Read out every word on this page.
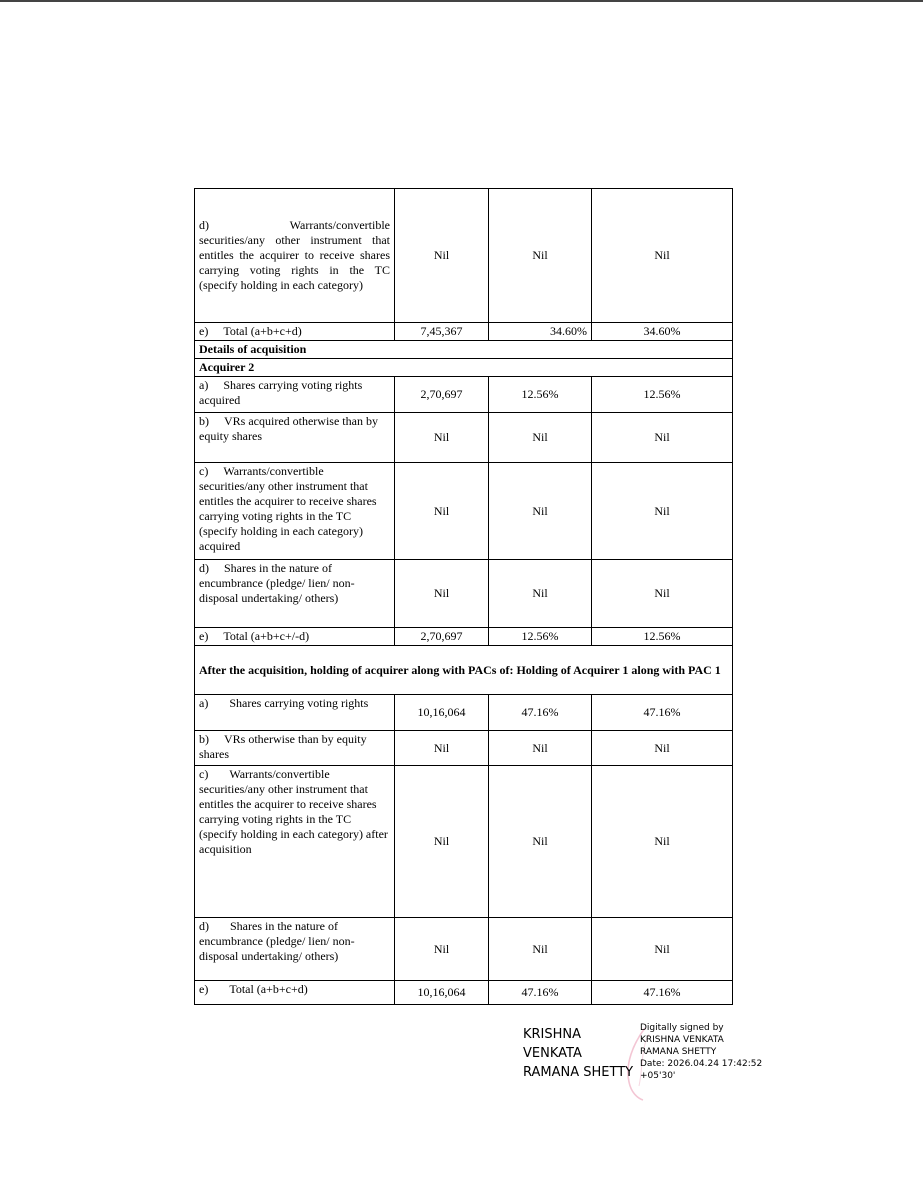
d)                       Warrants/convertible securities/any other instrument that entitles the acquirer to receive shares carrying voting rights in the TC (specify holding in each category)	Nil	Nil	Nil
e)     Total (a+b+c+d)	7,45,367	34.60%	34.60%
Details of acquisition			
Acquirer 2			
a)     Shares carrying voting rights acquired	2,70,697	12.56%	12.56%
b)     VRs acquired otherwise than by equity shares	Nil	Nil	Nil
c)     Warrants/convertible securities/any other instrument that entitles the acquirer to receive shares carrying voting rights in the TC (specify holding in each category) acquired	Nil	Nil	Nil
d)     Shares in the nature of encumbrance (pledge/ lien/ non-disposal undertaking/ others)	Nil	Nil	Nil
e)     Total (a+b+c+/-d)	2,70,697	12.56%	12.56%
After the acquisition, holding of acquirer along with PACs of: Holding of Acquirer 1 along with PAC 1			
a)       Shares carrying voting rights	10,16,064	47.16%	47.16%
b)     VRs otherwise than by equity shares	Nil	Nil	Nil
c)       Warrants/convertible securities/any other instrument that entitles the acquirer to receive shares carrying voting rights in the TC (specify holding in each category) after acquisition	Nil	Nil	Nil
d)       Shares in the nature of encumbrance (pledge/ lien/ non-disposal undertaking/ others)	Nil	Nil	Nil
e)       Total (a+b+c+d)	10,16,064	47.16%	47.16%
KRISHNA
VENKATA
RAMANA SHETTY
Digitally signed by
KRISHNA VENKATA
RAMANA SHETTY
Date: 2026.04.24 17:42:52
+05'30'
